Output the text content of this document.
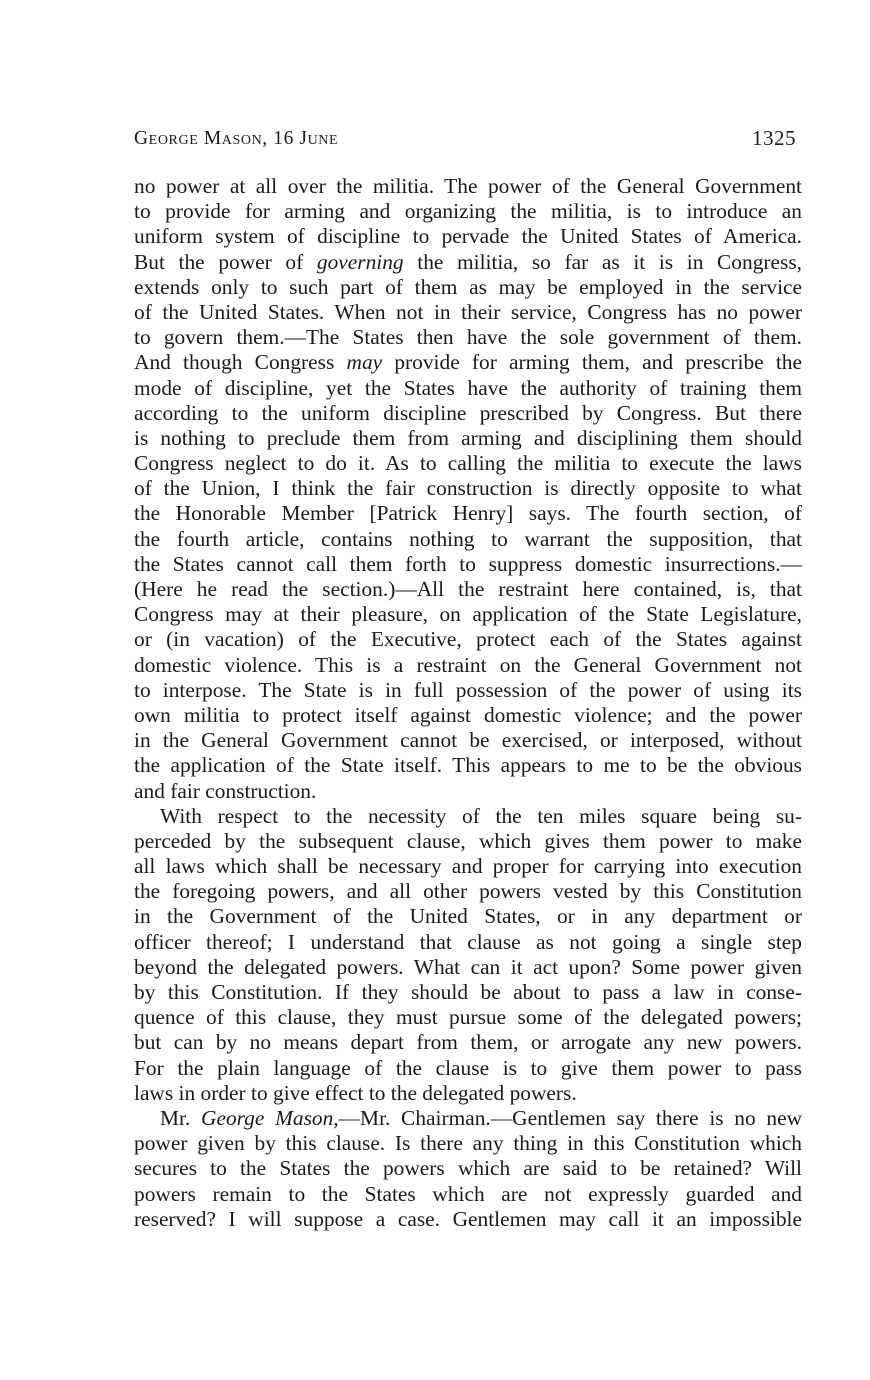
George Mason, 16 June	1325
no power at all over the militia. The power of the General Government
to provide for arming and organizing the militia, is to introduce an
uniform system of discipline to pervade the United States of America.
But the power of governing the militia, so far as it is in Congress,
extends only to such part of them as may be employed in the service
of the United States. When not in their service, Congress has no power
to govern them.—The States then have the sole government of them.
And though Congress may provide for arming them, and prescribe the
mode of discipline, yet the States have the authority of training them
according to the uniform discipline prescribed by Congress. But there
is nothing to preclude them from arming and disciplining them should
Congress neglect to do it. As to calling the militia to execute the laws
of the Union, I think the fair construction is directly opposite to what
the Honorable Member [Patrick Henry] says. The fourth section, of
the fourth article, contains nothing to warrant the supposition, that
the States cannot call them forth to suppress domestic insurrections.—
(Here he read the section.)—All the restraint here contained, is, that
Congress may at their pleasure, on application of the State Legislature,
or (in vacation) of the Executive, protect each of the States against
domestic violence. This is a restraint on the General Government not
to interpose. The State is in full possession of the power of using its
own militia to protect itself against domestic violence; and the power
in the General Government cannot be exercised, or interposed, without
the application of the State itself. This appears to me to be the obvious
and fair construction.
With respect to the necessity of the ten miles square being su-
perceded by the subsequent clause, which gives them power to make
all laws which shall be necessary and proper for carrying into execution
the foregoing powers, and all other powers vested by this Constitution
in the Government of the United States, or in any department or
officer thereof; I understand that clause as not going a single step
beyond the delegated powers. What can it act upon? Some power given
by this Constitution. If they should be about to pass a law in conse-
quence of this clause, they must pursue some of the delegated powers;
but can by no means depart from them, or arrogate any new powers.
For the plain language of the clause is to give them power to pass
laws in order to give effect to the delegated powers.
Mr. George Mason,—Mr. Chairman.—Gentlemen say there is no new
power given by this clause. Is there any thing in this Constitution which
secures to the States the powers which are said to be retained? Will
powers remain to the States which are not expressly guarded and
reserved? I will suppose a case. Gentlemen may call it an impossible
